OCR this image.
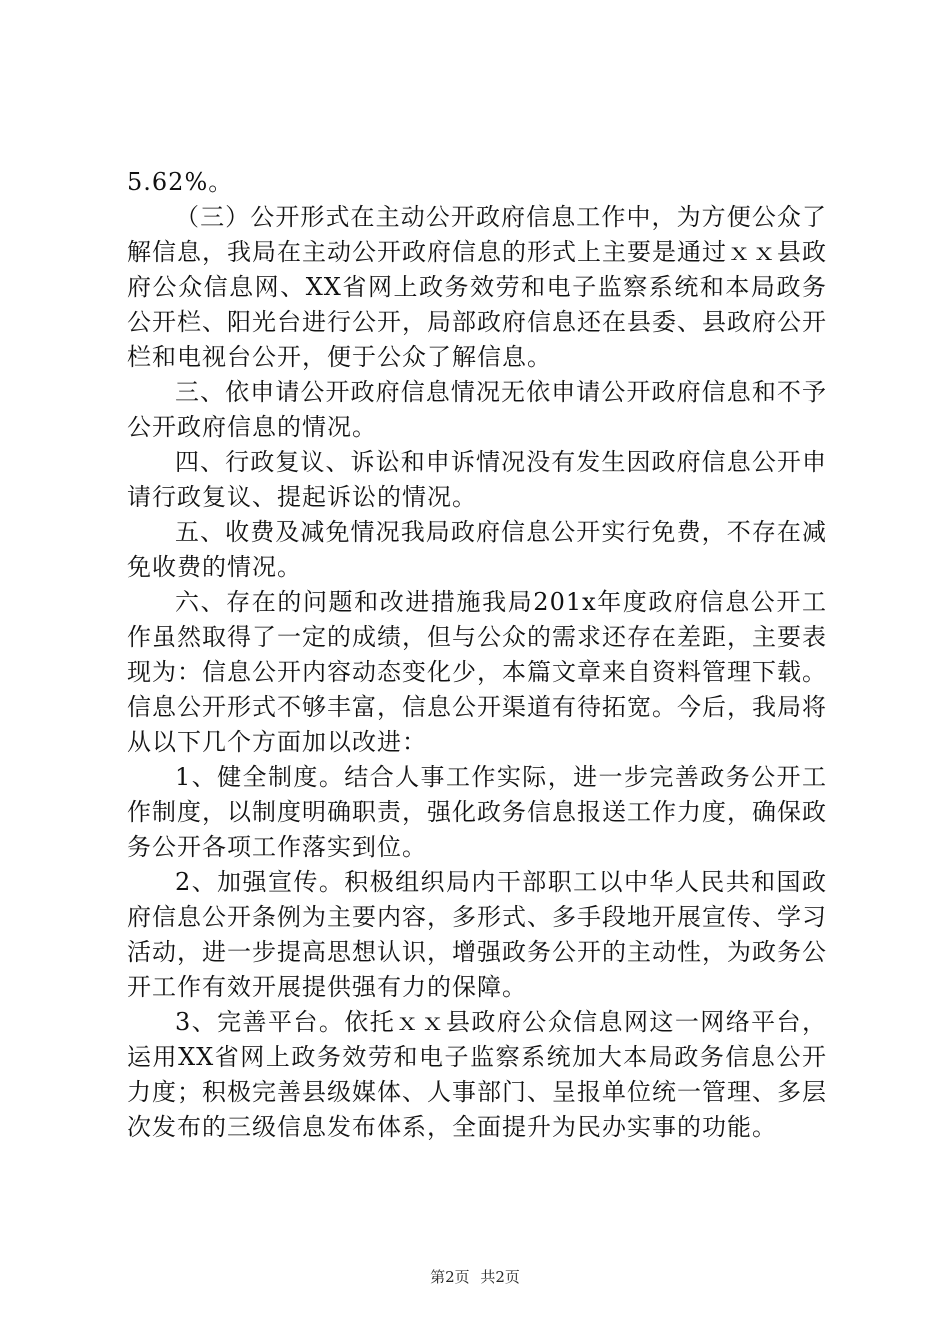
5.62%。

（三）公开形式在主动公开政府信息工作中，为方便公众了解信息，我局在主动公开政府信息的形式上主要是通过ｘｘ县政府公众信息网、XX省网上政务效劳和电子监察系统和本局政务公开栏、阳光台进行公开，局部政府信息还在县委、县政府公开栏和电视台公开，便于公众了解信息。

三、依申请公开政府信息情况无依申请公开政府信息和不予公开政府信息的情况。

四、行政复议、诉讼和申诉情况没有发生因政府信息公开申请行政复议、提起诉讼的情况。

五、收费及减免情况我局政府信息公开实行免费，不存在减免收费的情况。

六、存在的问题和改进措施我局201x年度政府信息公开工作虽然取得了一定的成绩，但与公众的需求还存在差距，主要表现为：信息公开内容动态变化少，本篇文章来自资料管理下载。信息公开形式不够丰富，信息公开渠道有待拓宽。今后，我局将从以下几个方面加以改进：

1、健全制度。结合人事工作实际，进一步完善政务公开工作制度，以制度明确职责，强化政务信息报送工作力度，确保政务公开各项工作落实到位。

2、加强宣传。积极组织局内干部职工以中华人民共和国政府信息公开条例为主要内容，多形式、多手段地开展宣传、学习活动，进一步提高思想认识，增强政务公开的主动性，为政务公开工作有效开展提供强有力的保障。

3、完善平台。依托ｘｘ县政府公众信息网这一网络平台，运用XX省网上政务效劳和电子监察系统加大本局政务信息公开力度；积极完善县级媒体、人事部门、呈报单位统一管理、多层次发布的三级信息发布体系，全面提升为民办实事的功能。

第2页 共2页
